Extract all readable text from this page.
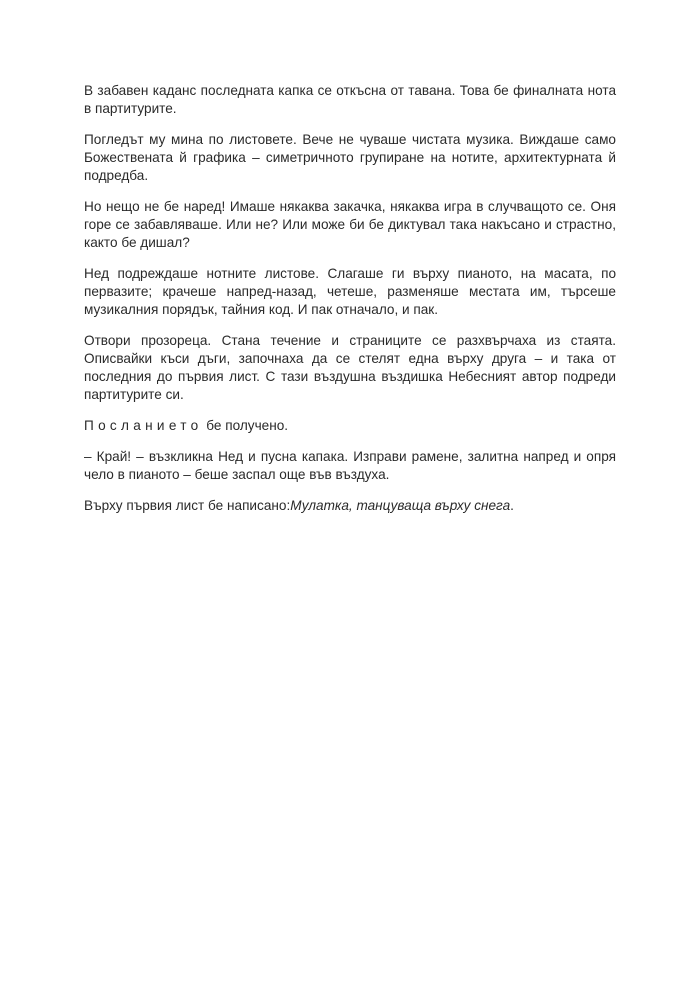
В забавен каданс последната капка се откъсна от тавана. Това бе финалната нота в партитурите.

Погледът му мина по листовете. Вече не чуваше чистата музика. Виждаше само Божествената й графика – симетричното групиране на нотите, архитектурната й подредба.

Но нещо не бе наред! Имаше някаква закачка, някаква игра в случващото се. Оня горе се забавляваше. Или не? Или може би бе диктувал така накъсано и страстно, както бе дишал?

Нед подреждаше нотните листове. Слагаше ги върху пианото, на масата, по первазите; крачеше напред-назад, четеше, разменяше местата им, търсеше музикалния порядък, тайния код. И пак отначало, и пак.

Отвори прозореца. Стана течение и страниците се разхвърчаха из стаята. Описвайки къси дъги, започнаха да се стелят една върху друга – и така от последния до първия лист. С тази въздушна въздишка Небесният автор подреди партитурите си.

Посланието бе получено.

– Край! – възкликна Нед и пусна капака. Изправи рамене, залитна напред и опря чело в пианото – беше заспал още във въздуха.

Върху първия лист бе написано:Мулатка, танцуваща върху снега.
